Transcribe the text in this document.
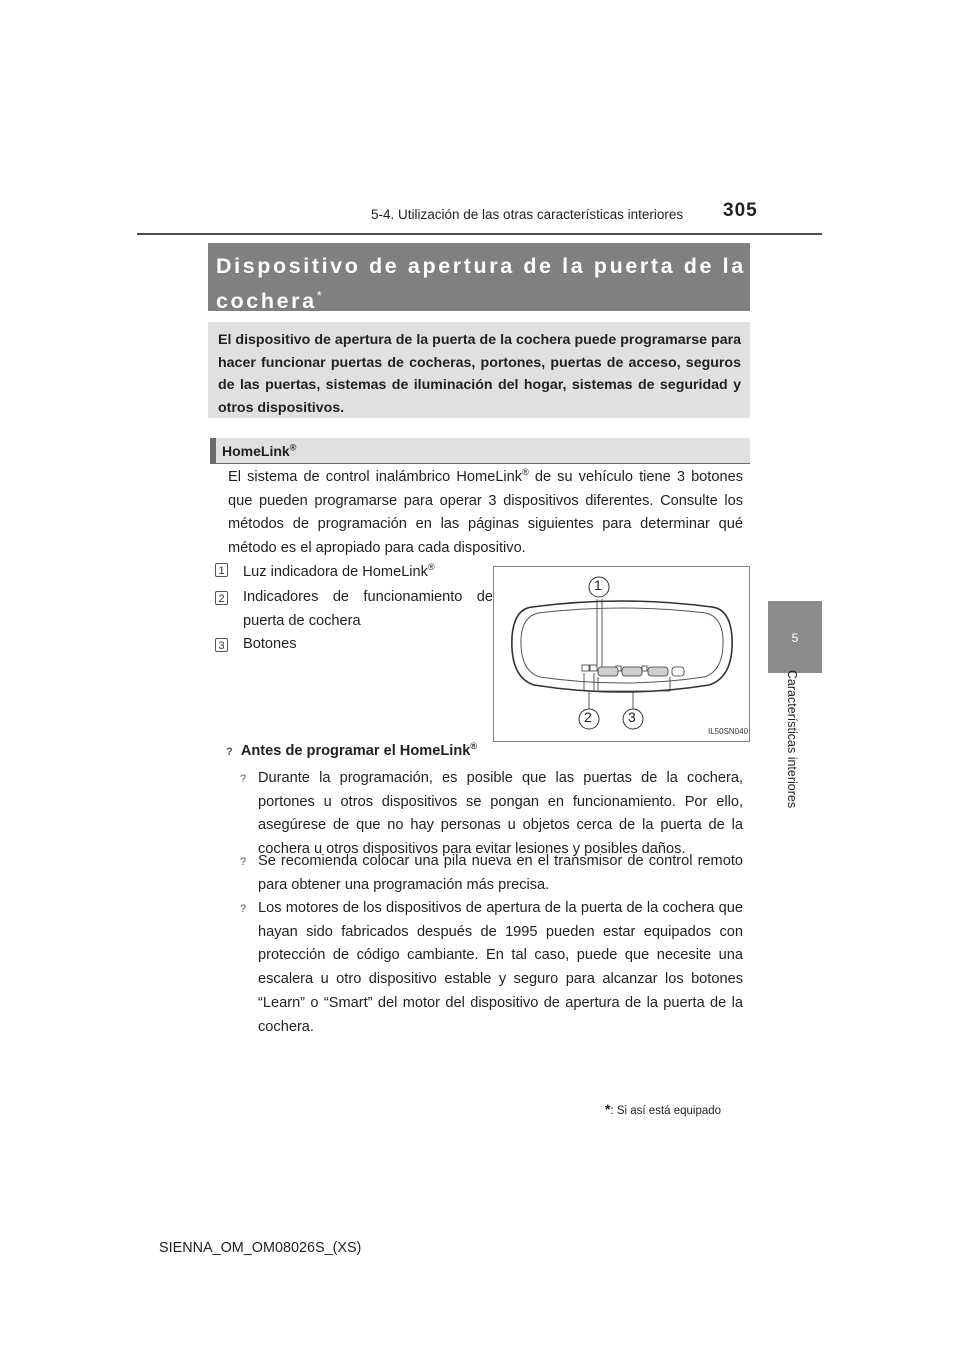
5-4. Utilización de las otras características interiores 305
5
Características interiores
Dispositivo de apertura de la puerta de la cochera*
El dispositivo de apertura de la puerta de la cochera puede programarse para hacer funcionar puertas de cocheras, portones, puertas de acceso, seguros de las puertas, sistemas de iluminación del hogar, sistemas de seguridad y otros dispositivos.
HomeLink®
El sistema de control inalámbrico HomeLink® de su vehículo tiene 3 botones que pueden programarse para operar 3 dispositivos diferentes. Consulte los métodos de programación en las páginas siguientes para determinar qué método es el apropiado para cada dispositivo.
1 Luz indicadora de HomeLink®
2 Indicadores de funcionamiento de puerta de cochera
3 Botones
1
2	3
IL50SN040
? Antes de programar el HomeLink®
? Durante la programación, es posible que las puertas de la cochera, portones u otros dispositivos se pongan en funcionamiento. Por ello, asegúrese de que no hay personas u objetos cerca de la puerta de la cochera u otros dispositivos para evitar lesiones y posibles daños.
? Se recomienda colocar una pila nueva en el transmisor de control remoto para obtener una programación más precisa.
? Los motores de los dispositivos de apertura de la puerta de la cochera que hayan sido fabricados después de 1995 pueden estar equipados con protección de código cambiante. En tal caso, puede que necesite una escalera u otro dispositivo estable y seguro para alcanzar los botones “Learn” o “Smart” del motor del dispositivo de apertura de la puerta de la cochera.
*: Si así está equipado
SIENNA_OM_OM08026S_(XS)
